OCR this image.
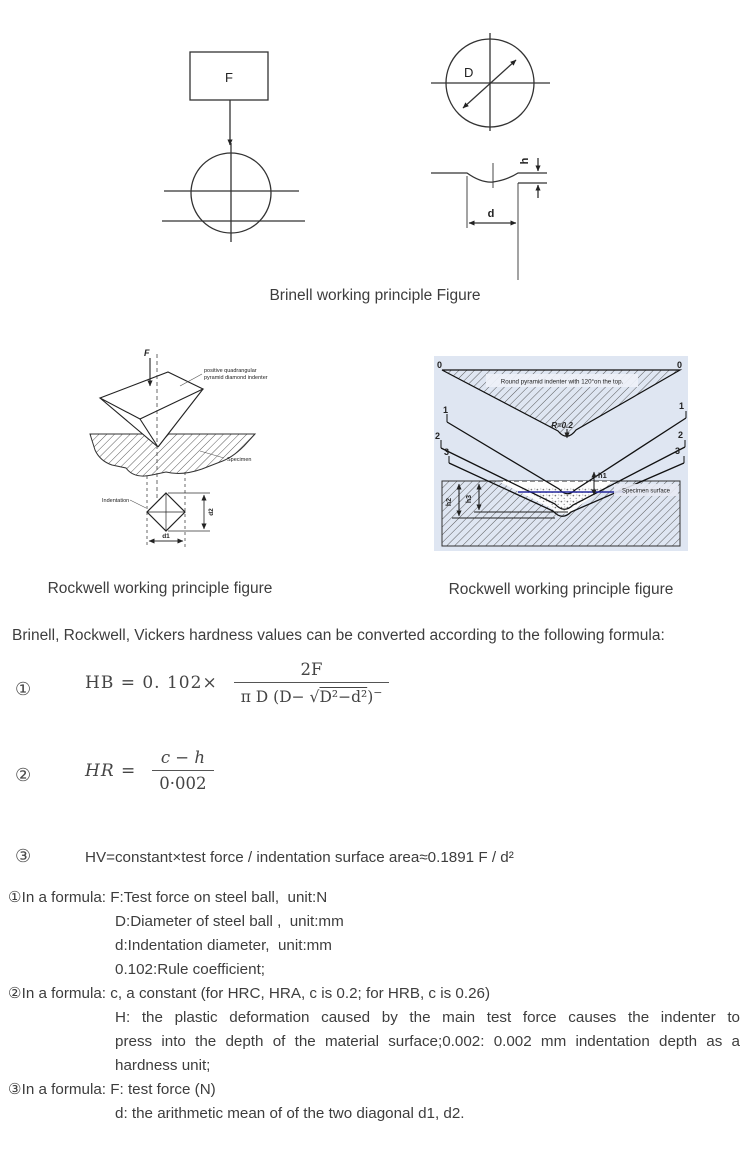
F	D
h
d
Brinell working principle Figure
F
positive quadrangular
pyramid diamond indenter
Specimen
Indentation
d2
d1
Rockwell working principle figure
Round pyramid indenter with 120°on the top.
R=0.2
h1
h2 h3
Specimen surface
0	0
1	1
2	2
3	3
Rockwell working principle figure
Brinell, Rockwell, Vickers hardness values can be converted according to the following formula:
①	HB = 0. $102\times \frac{2F}{\pi D (D- √D^2-d^2)^-}$
②	HR = $\frac{c - h}{0\cdot 002}$
③	HV=constant×test force / indentation surface area≈0.1891 F / d²
①In a formula: F:Test force on steel ball,  unit:N
D:Diameter of steel ball ,  unit:mm
d:Indentation diameter,  unit:mm
0.102:Rule coefficient;
②In a formula: c, a constant (for HRC, HRA, c is 0.2; for HRB, c is 0.26)
H: the plastic deformation caused by the main test force causes the indenter to
press into the depth of the material surface;0.002: 0.002 mm indentation depth as a
hardness unit;
③In a formula: F: test force (N)
d: the arithmetic mean of of the two diagonal d1, d2.
